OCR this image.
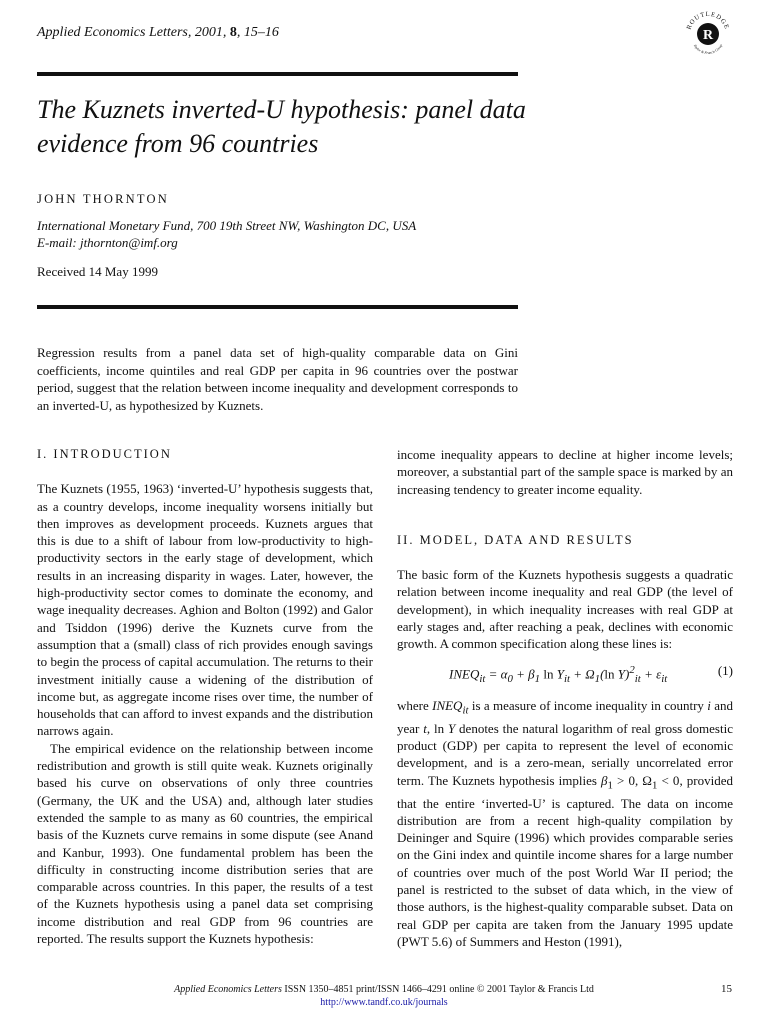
Applied Economics Letters, 2001, 8, 15–16	R
ROUTLEDGE
Taylor & Francis Group
The Kuznets inverted-U hypothesis: panel data evidence from 96 countries
JOHN THORNTON
International Monetary Fund, 700 19th Street NW, Washington DC, USA
E-mail: jthornton@imf.org
Received 14 May 1999
Regression results from a panel data set of high-quality comparable data on Gini coefficients, income quintiles and real GDP per capita in 96 countries over the postwar period, suggest that the relation between income inequality and development corresponds to an inverted-U, as hypothesized by Kuznets.
I. INTRODUCTION

The Kuznets (1955, 1963) ‘inverted-U’ hypothesis suggests that, as a country develops, income inequality worsens initially but then improves as development proceeds. Kuznets argues that this is due to a shift of labour from low-productivity to high-productivity sectors in the early stage of development, which results in an increasing disparity in wages. Later, however, the high-productivity sector comes to dominate the economy, and wage inequality decreases. Aghion and Bolton (1992) and Galor and Tsiddon (1996) derive the Kuznets curve from the assumption that a (small) class of rich provides enough savings to begin the process of capital accumulation. The returns to their investment initially cause a widening of the distribution of income but, as aggregate income rises over time, the number of households that can afford to invest expands and the distribution narrows again.

The empirical evidence on the relationship between income redistribution and growth is still quite weak. Kuznets originally based his curve on observations of only three countries (Germany, the UK and the USA) and, although later studies extended the sample to as many as 60 countries, the empirical basis of the Kuznets curve remains in some dispute (see Anand and Kanbur, 1993). One fundamental problem has been the difficulty in constructing income distribution series that are comparable across countries. In this paper, the results of a test of the Kuznets hypothesis using a panel data set comprising income distribution and real GDP from 96 countries are reported. The results support the Kuznets hypothesis:

income inequality appears to decline at higher income levels; moreover, a substantial part of the sample space is marked by an increasing tendency to greater income equality.

II. MODEL, DATA AND RESULTS

The basic form of the Kuznets hypothesis suggests a quadratic relation between income inequality and real GDP (the level of development), in which inequality increases with real GDP at early stages and, after reaching a peak, declines with economic growth. A common specification along these lines is:

$INEQ_{it} = \alpha_0 + \beta_1$ $\ln Y_{it} + \Omega_1(\ln$ $Y)^2_{it} + \varepsilon_{it}$
(1)

where $INEQ_{it}$ is a measure of income inequality in country i and year t, ln Y denotes the natural logarithm of real gross domestic product (GDP) per capita to represent the level of economic development, and is a zero-mean, serially uncorrelated error term. The Kuznets hypothesis implies $\beta_1 > 0$, $\Omega_1 < 0$, provided that the entire ‘inverted-U’ is captured. The data on income distribution are from a recent high-quality compilation by Deininger and Squire (1996) which provides comparable series on the Gini index and quintile income shares for a large number of countries over much of the post World War II period; the panel is restricted to the subset of data which, in the view of those authors, is the highest-quality comparable subset. Data on real GDP per capita are taken from the January 1995 update (PWT 5.6) of Summers and Heston (1991),

Applied Economics Letters ISSN 1350–4851 print/ISSN 1466–4291 online © 2001 Taylor & Francis Ltd
http://www.tandf.co.uk/journals
15
